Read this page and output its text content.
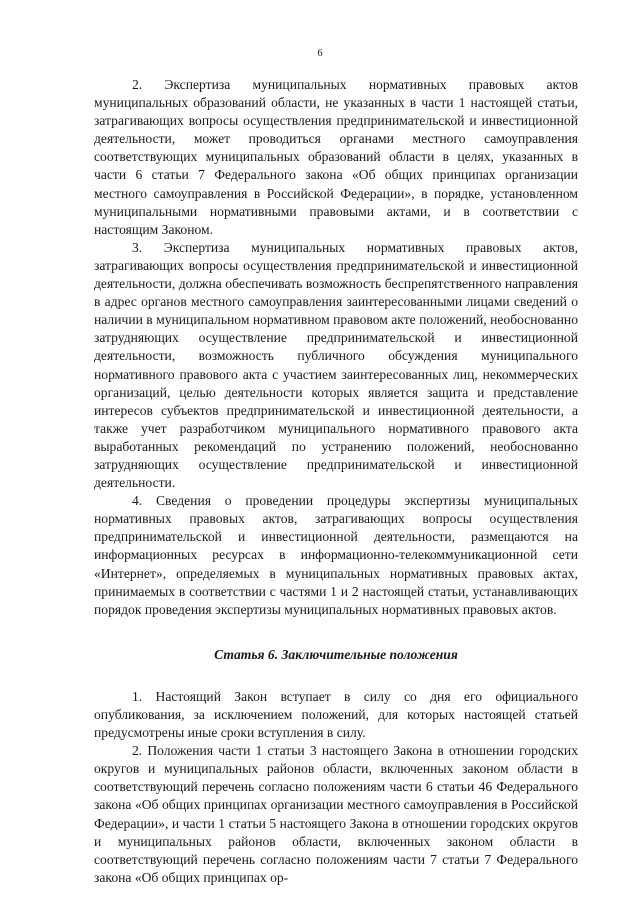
6

2. Экспертиза муниципальных нормативных правовых актов муниципальных образований области, не указанных в части 1 настоящей статьи, затрагивающих вопросы осуществления предпринимательской и инвестиционной деятельности, может проводиться органами местного самоуправления соответствующих муниципальных образований области в целях, указанных в части 6 статьи 7 Федерального закона «Об общих принципах организации местного самоуправления в Российской Федерации», в порядке, установленном муниципальными нормативными правовыми актами, и в соответствии с настоящим Законом.

3. Экспертиза муниципальных нормативных правовых актов, затрагивающих вопросы осуществления предпринимательской и инвестиционной деятельности, должна обеспечивать возможность беспрепятственного направления в адрес органов местного самоуправления заинтересованными лицами сведений о наличии в муниципальном нормативном правовом акте положений, необоснованно затрудняющих осуществление предпринимательской и инвестиционной деятельности, возможность публичного обсуждения муниципального нормативного правового акта с участием заинтересованных лиц, некоммерческих организаций, целью деятельности которых является защита и представление интересов субъектов предпринимательской и инвестиционной деятельности, а также учет разработчиком муниципального нормативного правового акта выработанных рекомендаций по устранению положений, необоснованно затрудняющих осуществление предпринимательской и инвестиционной деятельности.

4. Сведения о проведении процедуры экспертизы муниципальных нормативных правовых актов, затрагивающих вопросы осуществления предпринимательской и инвестиционной деятельности, размещаются на информационных ресурсах в информационно-телекоммуникационной сети «Интернет», определяемых в муниципальных нормативных правовых актах, принимаемых в соответствии с частями 1 и 2 настоящей статьи, устанавливающих порядок проведения экспертизы муниципальных нормативных правовых актов.

Статья 6. Заключительные положения

1. Настоящий Закон вступает в силу со дня его официального опубликования, за исключением положений, для которых настоящей статьей предусмотрены иные сроки вступления в силу.

2. Положения части 1 статьи 3 настоящего Закона в отношении городских округов и муниципальных районов области, включенных законом области в соответствующий перечень согласно положениям части 6 статьи 46 Федерального закона «Об общих принципах организации местного самоуправления в Российской Федерации», и части 1 статьи 5 настоящего Закона в отношении городских округов и муниципальных районов области, включенных законом области в соответствующий перечень согласно положениям части 7 статьи 7 Федерального закона «Об общих принципах ор-
